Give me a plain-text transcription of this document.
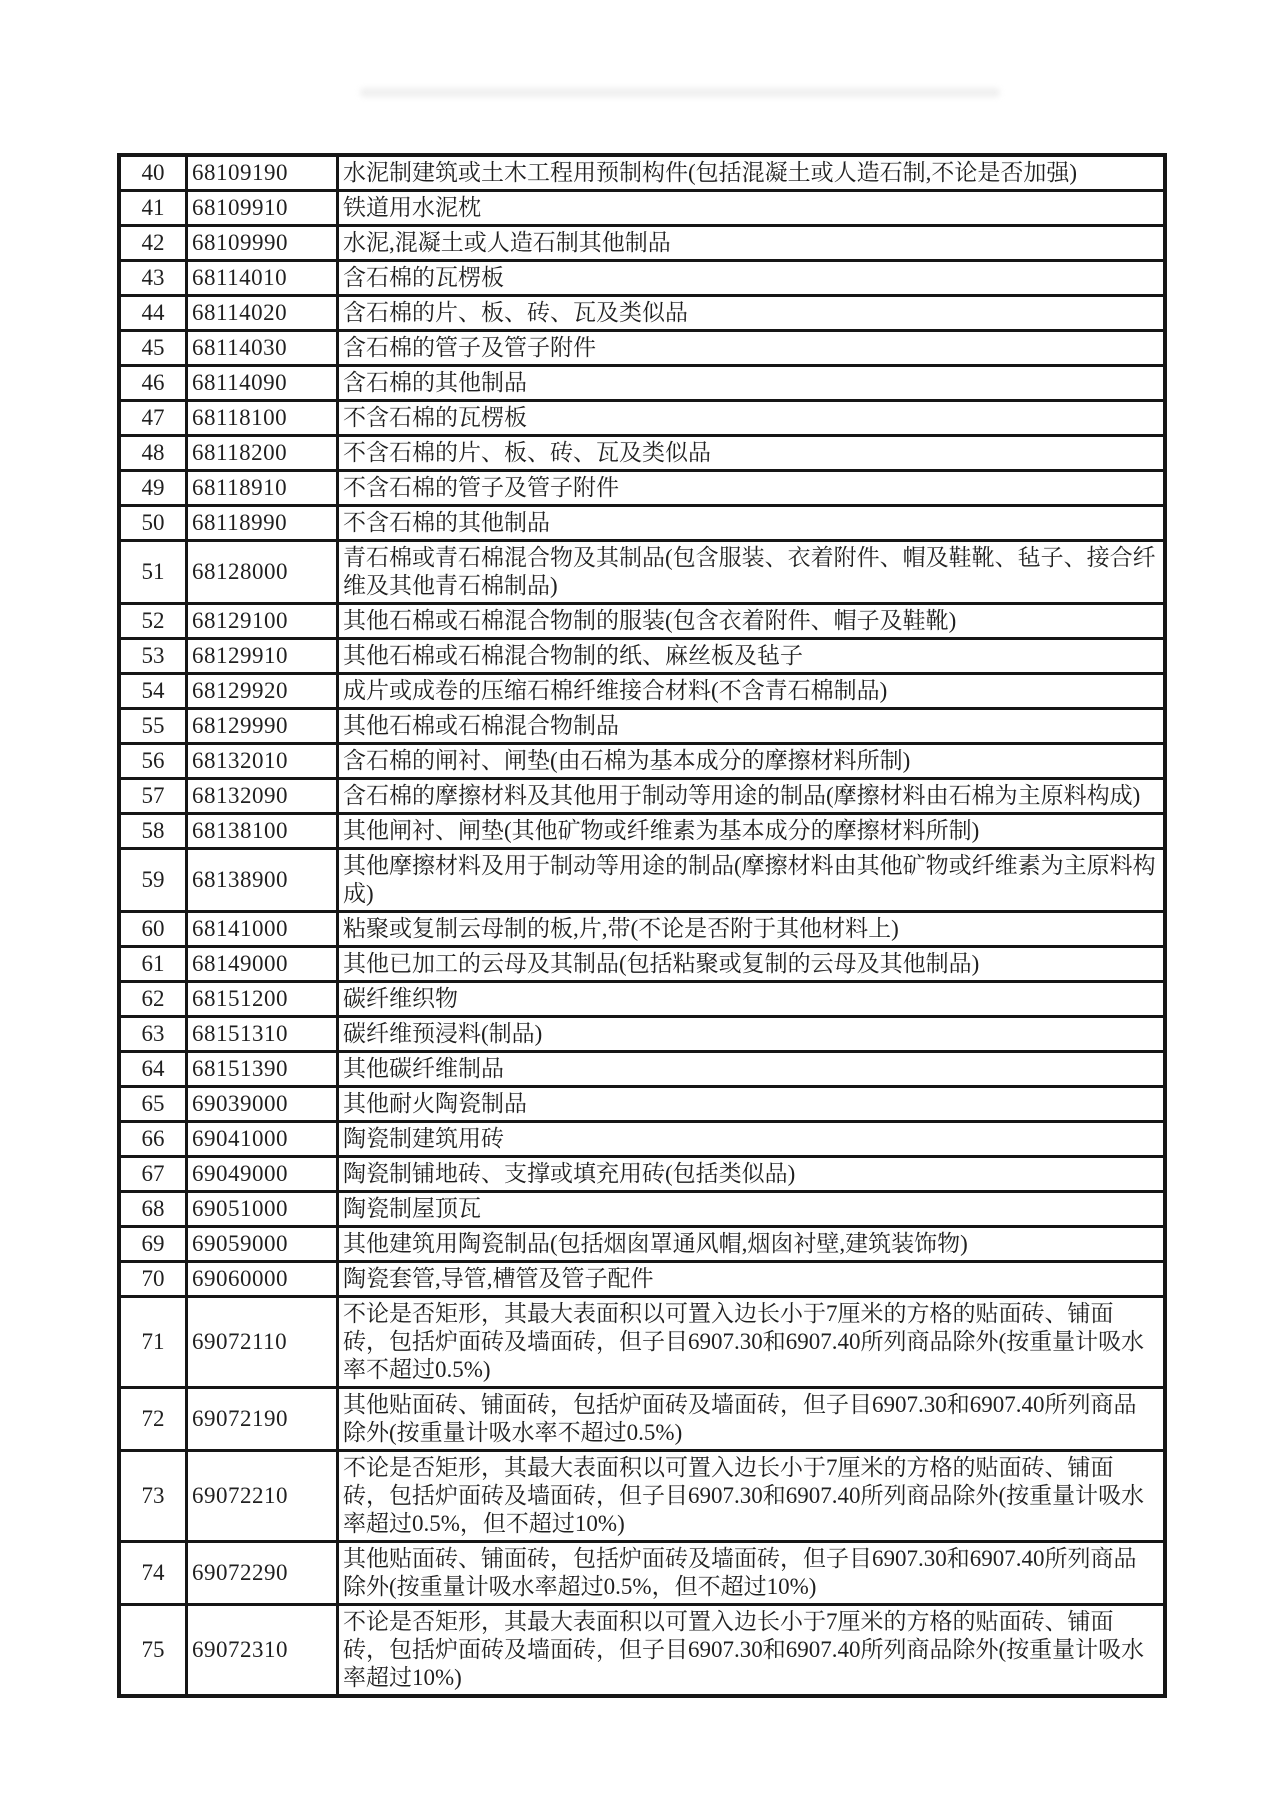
40	68109190	水泥制建筑或土木工程用预制构件(包括混凝土或人造石制,不论是否加强)
41	68109910	铁道用水泥枕
42	68109990	水泥,混凝土或人造石制其他制品
43	68114010	含石棉的瓦楞板
44	68114020	含石棉的片、板、砖、瓦及类似品
45	68114030	含石棉的管子及管子附件
46	68114090	含石棉的其他制品
47	68118100	不含石棉的瓦楞板
48	68118200	不含石棉的片、板、砖、瓦及类似品
49	68118910	不含石棉的管子及管子附件
50	68118990	不含石棉的其他制品
51	68128000	青石棉或青石棉混合物及其制品(包含服装、衣着附件、帽及鞋靴、毡子、接合纤维及其他青石棉制品)
52	68129100	其他石棉或石棉混合物制的服装(包含衣着附件、帽子及鞋靴)
53	68129910	其他石棉或石棉混合物制的纸、麻丝板及毡子
54	68129920	成片或成卷的压缩石棉纤维接合材料(不含青石棉制品)
55	68129990	其他石棉或石棉混合物制品
56	68132010	含石棉的闸衬、闸垫(由石棉为基本成分的摩擦材料所制)
57	68132090	含石棉的摩擦材料及其他用于制动等用途的制品(摩擦材料由石棉为主原料构成)
58	68138100	其他闸衬、闸垫(其他矿物或纤维素为基本成分的摩擦材料所制)
59	68138900	其他摩擦材料及用于制动等用途的制品(摩擦材料由其他矿物或纤维素为主原料构成)
60	68141000	粘聚或复制云母制的板,片,带(不论是否附于其他材料上)
61	68149000	其他已加工的云母及其制品(包括粘聚或复制的云母及其他制品)
62	68151200	碳纤维织物
63	68151310	碳纤维预浸料(制品)
64	68151390	其他碳纤维制品
65	69039000	其他耐火陶瓷制品
66	69041000	陶瓷制建筑用砖
67	69049000	陶瓷制铺地砖、支撑或填充用砖(包括类似品)
68	69051000	陶瓷制屋顶瓦
69	69059000	其他建筑用陶瓷制品(包括烟囱罩通风帽,烟囱衬壁,建筑装饰物)
70	69060000	陶瓷套管,导管,槽管及管子配件
71	69072110	不论是否矩形，其最大表面积以可置入边长小于7厘米的方格的贴面砖、铺面砖，包括炉面砖及墙面砖，但子目6907.30和6907.40所列商品除外(按重量计吸水率不超过0.5%)
72	69072190	其他贴面砖、铺面砖，包括炉面砖及墙面砖，但子目6907.30和6907.40所列商品除外(按重量计吸水率不超过0.5%)
73	69072210	不论是否矩形，其最大表面积以可置入边长小于7厘米的方格的贴面砖、铺面砖，包括炉面砖及墙面砖，但子目6907.30和6907.40所列商品除外(按重量计吸水率超过0.5%，但不超过10%)
74	69072290	其他贴面砖、铺面砖，包括炉面砖及墙面砖，但子目6907.30和6907.40所列商品除外(按重量计吸水率超过0.5%，但不超过10%)
75	69072310	不论是否矩形，其最大表面积以可置入边长小于7厘米的方格的贴面砖、铺面砖，包括炉面砖及墙面砖，但子目6907.30和6907.40所列商品除外(按重量计吸水率超过10%)
